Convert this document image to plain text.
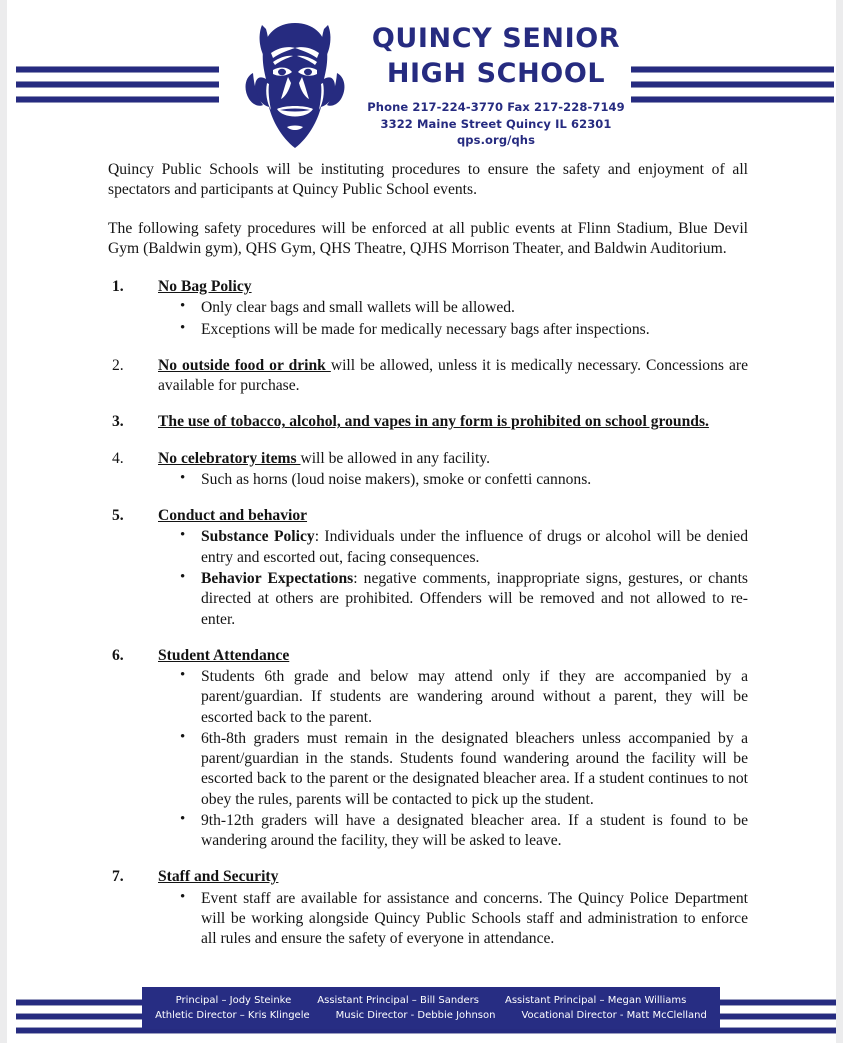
QUINCY SENIOR
HIGH SCHOOL
Phone 217-224-3770 Fax 217-228-7149
3322 Maine Street Quincy IL 62301
qps.org/qhs

Quincy Public Schools will be instituting procedures to ensure the safety and enjoyment of all spectators and participants at Quincy Public School events.

The following safety procedures will be enforced at all public events at Flinn Stadium, Blue Devil Gym (Baldwin gym), QHS Gym, QHS Theatre, QJHS Morrison Theater, and Baldwin Auditorium.

1.	No Bag Policy
• Only clear bags and small wallets will be allowed.
• Exceptions will be made for medically necessary bags after inspections.
2.	No outside food or drink will be allowed, unless it is medically necessary. Concessions are available for purchase.
3.	The use of tobacco, alcohol, and vapes in any form is prohibited on school grounds.
4.	No celebratory items will be allowed in any facility.
• Such as horns (loud noise makers), smoke or confetti cannons.
5.	Conduct and behavior
• Substance Policy: Individuals under the influence of drugs or alcohol will be denied entry and escorted out, facing consequences.
• Behavior Expectations: negative comments, inappropriate signs, gestures, or chants directed at others are prohibited. Offenders will be removed and not allowed to re-enter.
6.	Student Attendance
• Students 6th grade and below may attend only if they are accompanied by a parent/guardian. If students are wandering around without a parent, they will be escorted back to the parent.
• 6th-8th graders must remain in the designated bleachers unless accompanied by a parent/guardian in the stands. Students found wandering around the facility will be escorted back to the parent or the designated bleacher area. If a student continues to not obey the rules, parents will be contacted to pick up the student.
• 9th-12th graders will have a designated bleacher area. If a student is found to be wandering around the facility, they will be asked to leave.
7.	Staff and Security
• Event staff are available for assistance and concerns. The Quincy Police Department will be working alongside Quincy Public Schools staff and administration to enforce all rules and ensure the safety of everyone in attendance.
Principal – Jody Steinke	Assistant Principal – Bill Sanders	Assistant Principal – Megan Williams
Athletic Director – Kris Klingele	Music Director - Debbie Johnson	Vocational Director - Matt McClelland
